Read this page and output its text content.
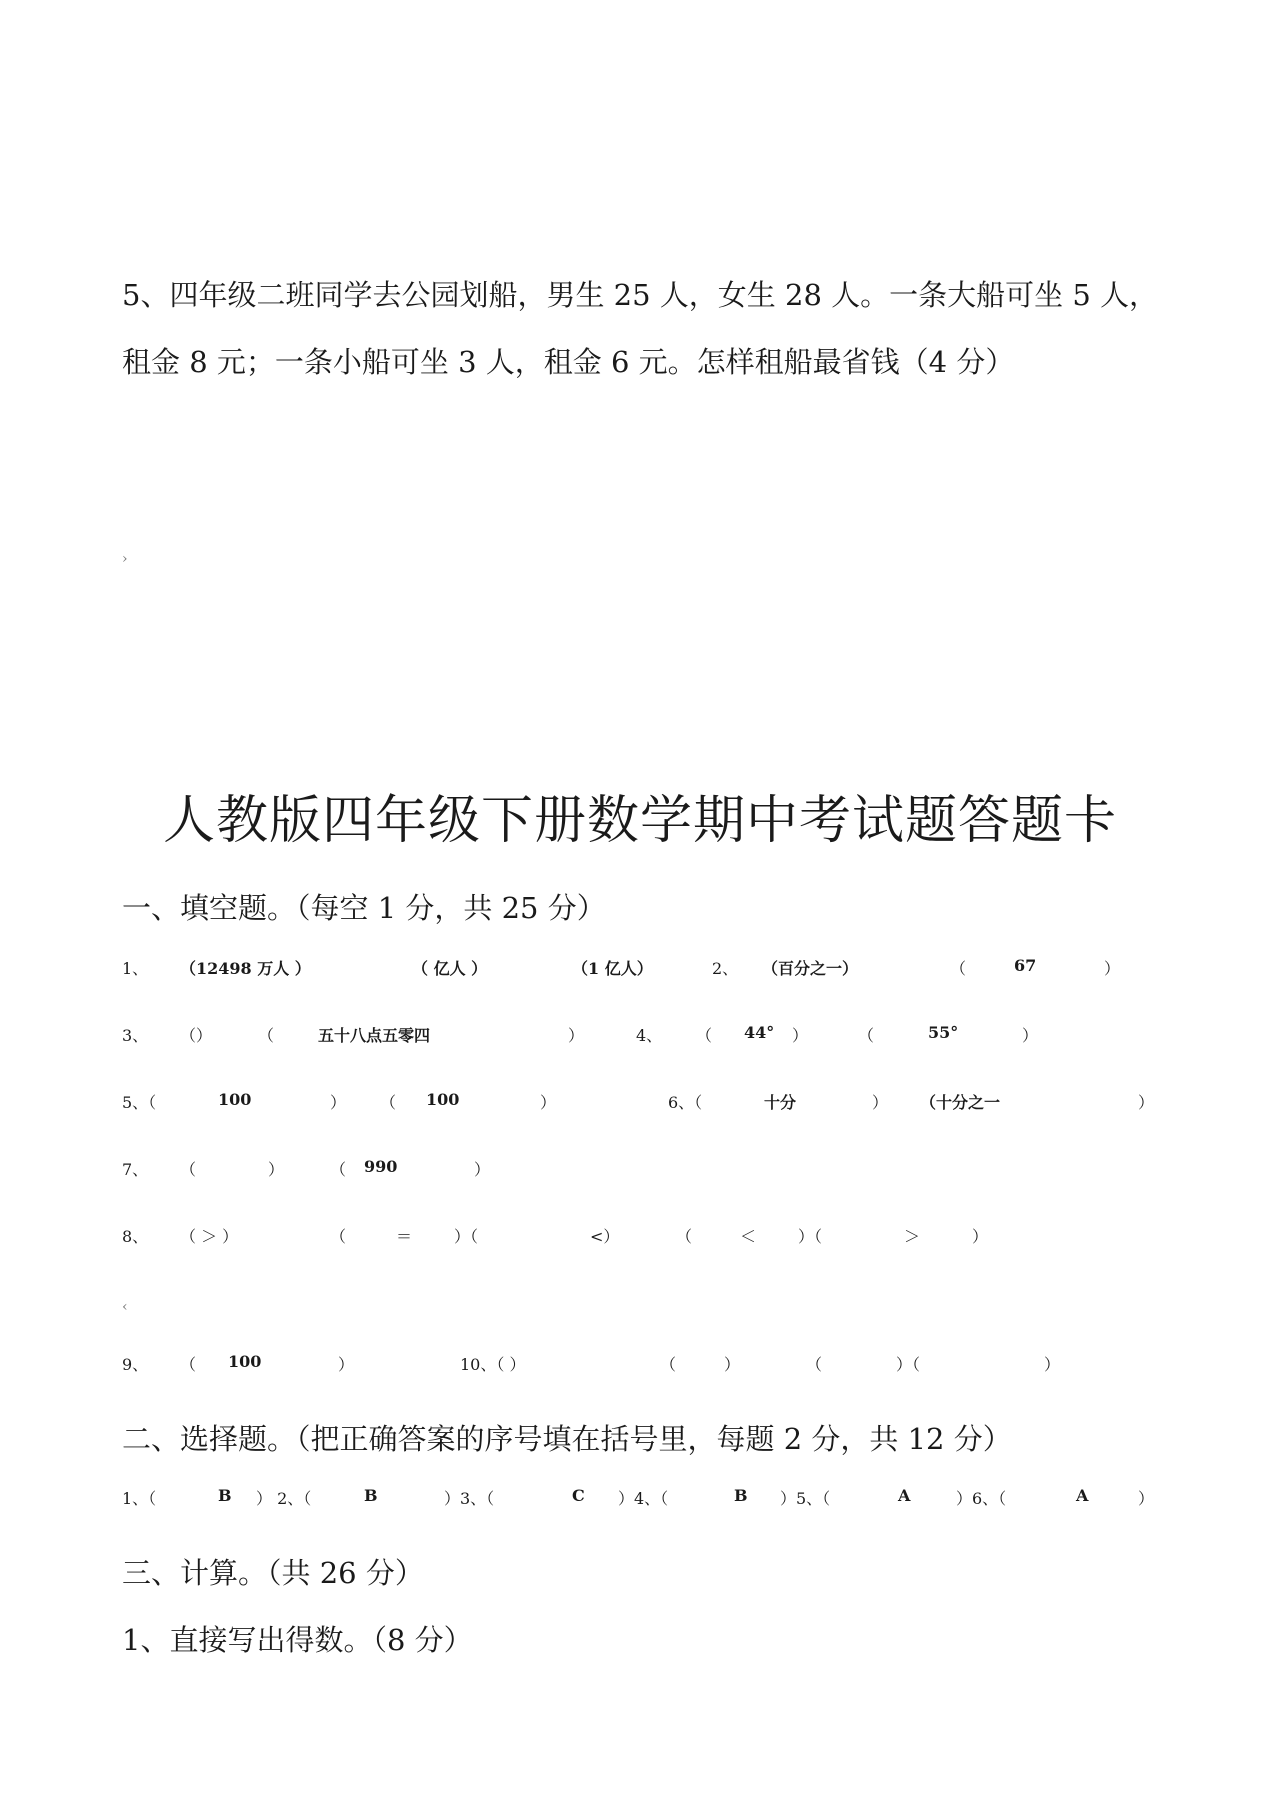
5、四年级二班同学去公园划船，男生 25 人，女生 28 人。一条大船可坐 5 人，
租金 8 元；一条小船可坐 3 人，租金 6 元。怎样租船最省钱（4 分）
›
人教版四年级下册数学期中考试题答题卡
一、填空题。（每空 1 分，共 25 分）
1、 （12498 万人 ）	（ 亿人 ）	（1 亿人）	2、 （百分之一）	（	67	）
3、 （）	（	五十八点五零四	）	4、 （ 44° ）	（	55°	）
5、（	100	） （ 100	）	6、（	十分	） （十分之一	）
7、 （	）	（ 990	）
8、 （ ＞ ）	（	＝	）（	<）	（	＜	）（	＞	）
‹
9、 （ 100	）	10、（ ）	（	）	（	）（	）
二、选择题。（把正确答案的序号填在括号里，每题 2 分，共 12 分）
1、（	B ） 2、（	B	）3、（	C ）4、（	B ）5、（	A	）6、（	A	）
三、计算。（共 26 分）
1、直接写出得数。（8 分）
